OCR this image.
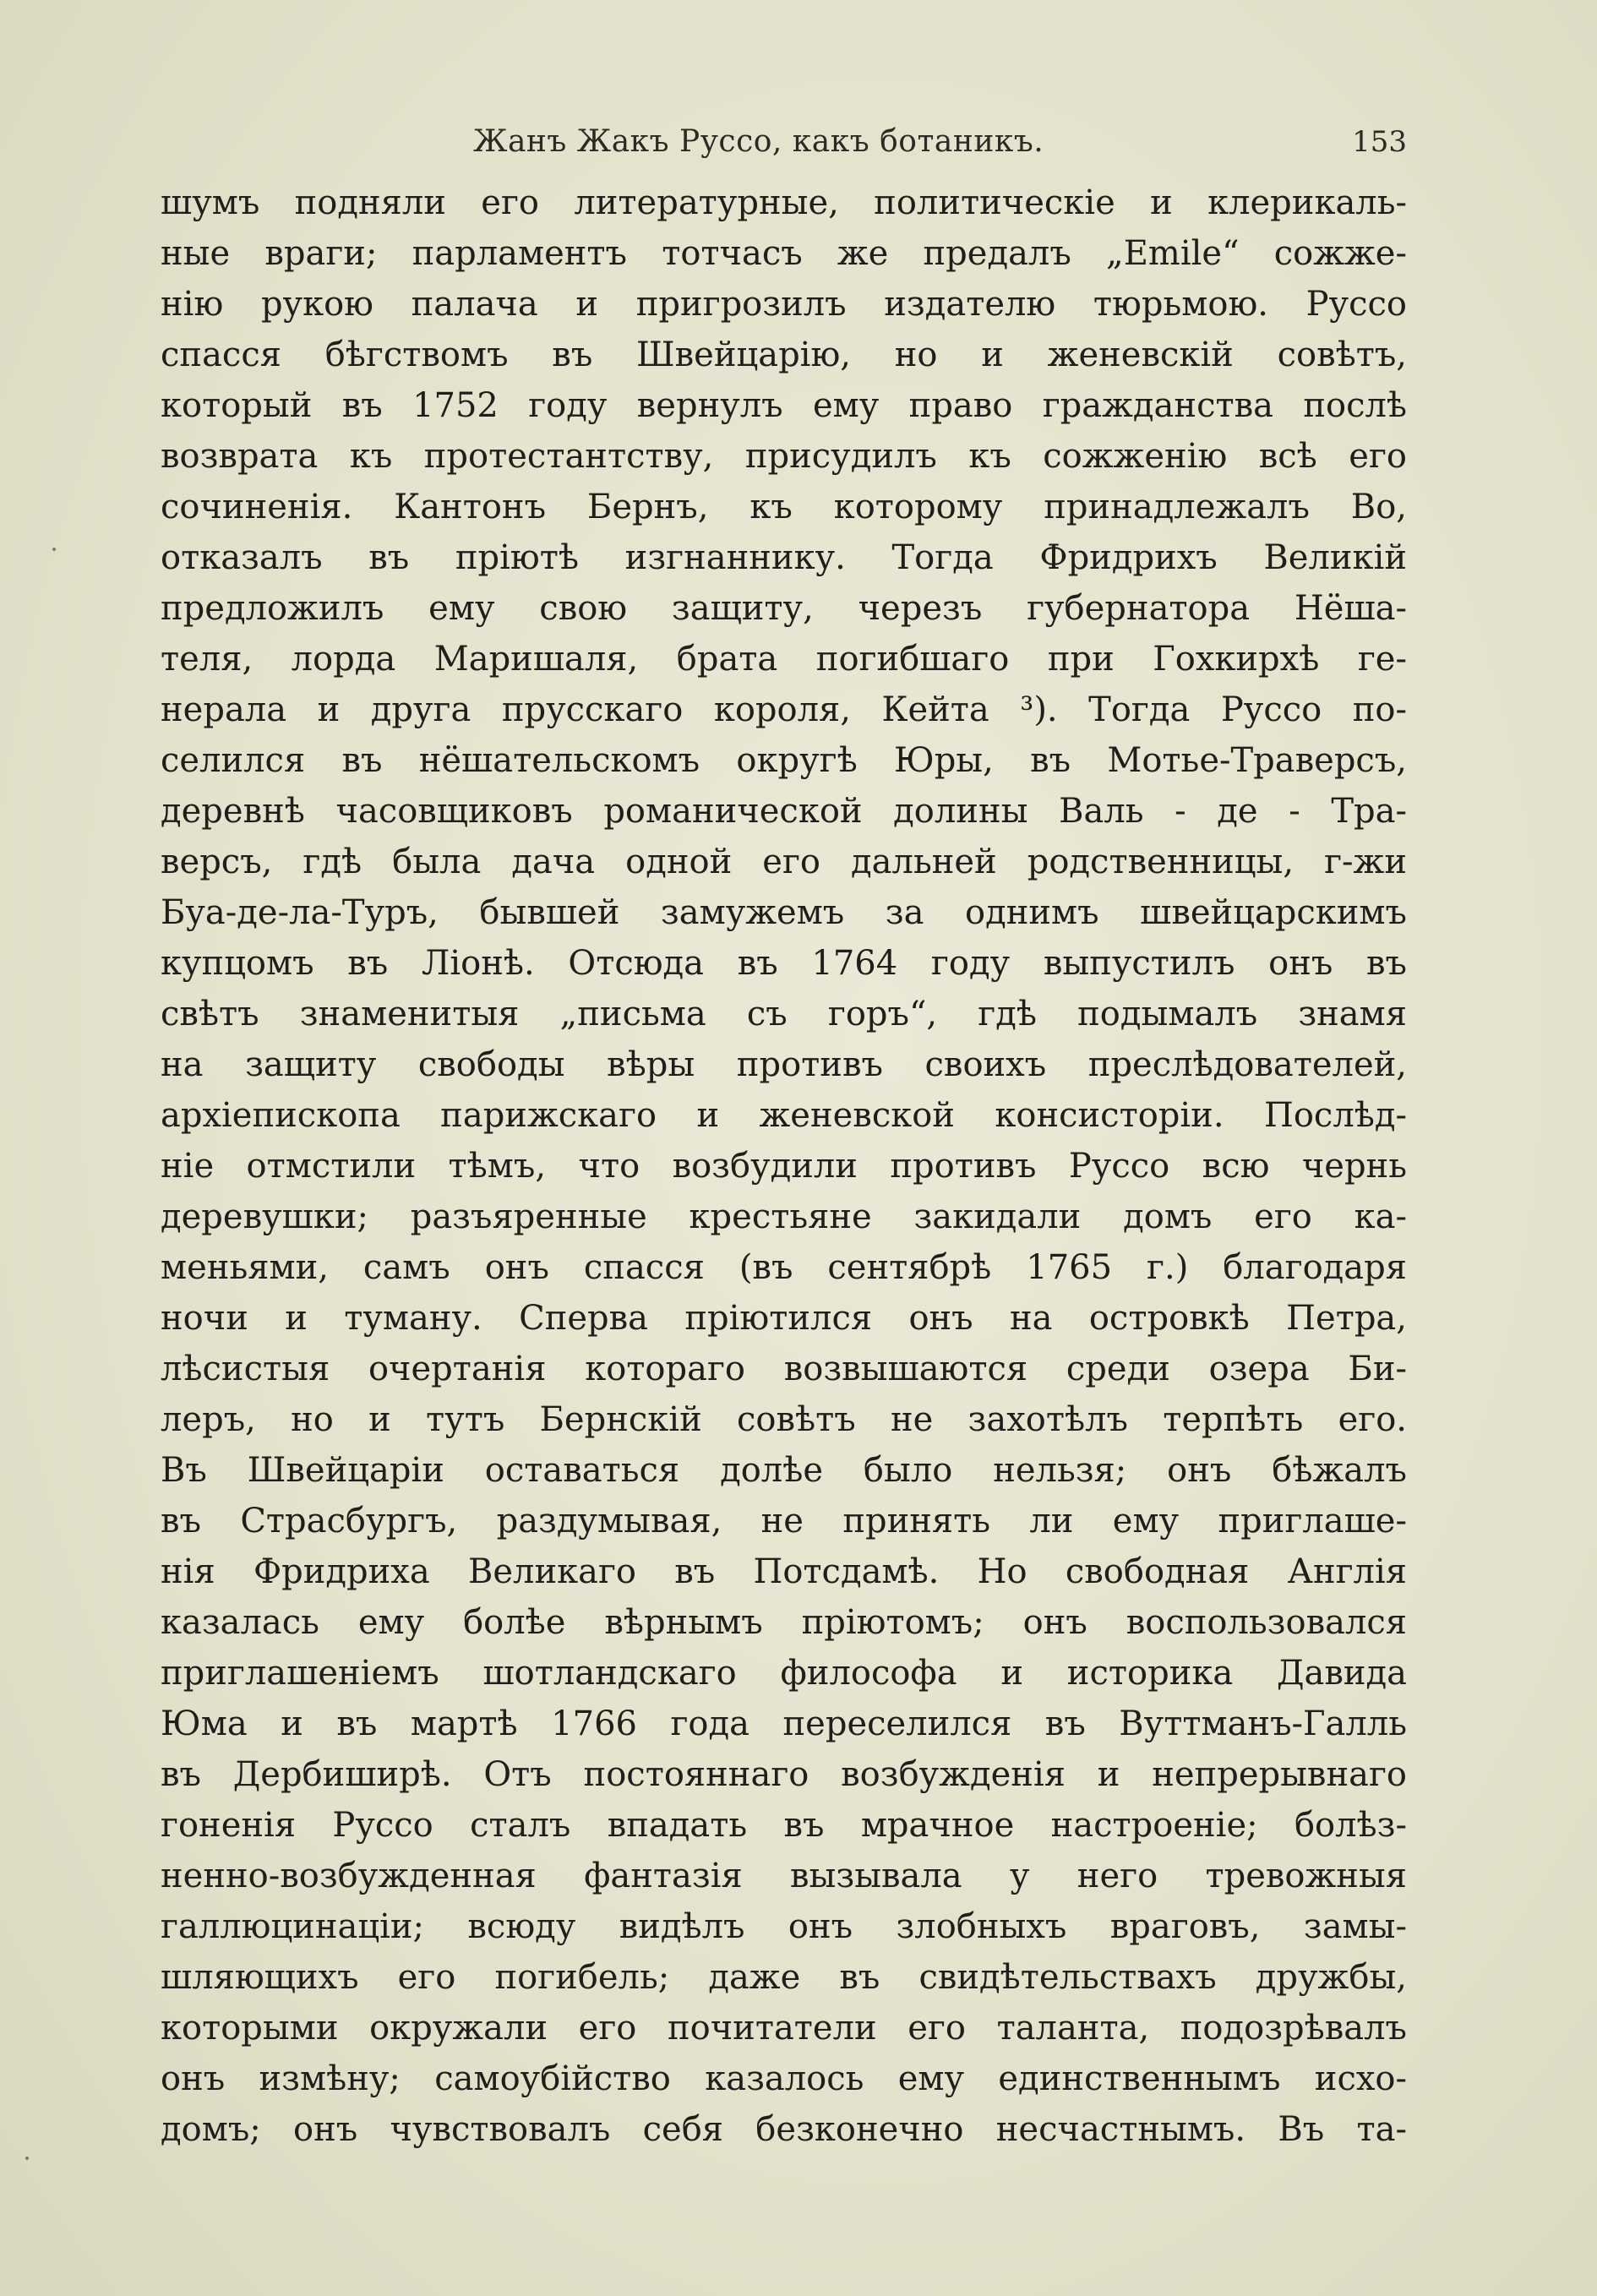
Жанъ Жакъ Руссо, какъ ботаникъ.	153
шумъ подняли его литературные, политическіе и клерикаль-
ные враги; парламентъ тотчасъ же предалъ „Emile“ сожже-
нію рукою палача и пригрозилъ издателю тюрьмою. Руссо
спасся бѣгствомъ въ Швейцарію, но и женевскій совѣтъ,
который въ 1752 году вернулъ ему право гражданства послѣ
возврата къ протестантству, присудилъ къ сожженію всѣ его
сочиненія. Кантонъ Бернъ, къ которому принадлежалъ Во,
отказалъ въ пріютѣ изгнаннику. Тогда Фридрихъ Великій
предложилъ ему свою защиту, черезъ губернатора Нёша-
теля, лорда Маришаля, брата погибшаго при Гохкирхѣ ге-
нерала и друга прусскаго короля, Кейта ³). Тогда Руссо по-
селился въ нёшательскомъ округѣ Юры, въ Мотье-Траверсъ,
деревнѣ часовщиковъ романической долины Валь - де - Тра-
версъ, гдѣ была дача одной его дальней родственницы, г-жи
Буа-де-ла-Туръ, бывшей замужемъ за однимъ швейцарскимъ
купцомъ въ Ліонѣ. Отсюда въ 1764 году выпустилъ онъ въ
свѣтъ знаменитыя „письма съ горъ“, гдѣ подымалъ знамя
на защиту свободы вѣры противъ своихъ преслѣдователей,
архіепископа парижскаго и женевской консисторіи. Послѣд-
ніе отмстили тѣмъ, что возбудили противъ Руссо всю чернь
деревушки; разъяренные крестьяне закидали домъ его ка-
меньями, самъ онъ спасся (въ сентябрѣ 1765 г.) благодаря
ночи и туману. Сперва пріютился онъ на островкѣ Петра,
лѣсистыя очертанія котораго возвышаются среди озера Би-
леръ, но и тутъ Бернскій совѣтъ не захотѣлъ терпѣть его.
Въ Швейцаріи оставаться долѣе было нельзя; онъ бѣжалъ
въ Страсбургъ, раздумывая, не принять ли ему приглаше-
нія Фридриха Великаго въ Потсдамѣ. Но свободная Англія
казалась ему болѣе вѣрнымъ пріютомъ; онъ воспользовался
приглашеніемъ шотландскаго философа и историка Давида
Юма и въ мартѣ 1766 года переселился въ Вуттманъ-Галль
въ Дербиширѣ. Отъ постояннаго возбужденія и непрерывнаго
гоненія Руссо сталъ впадать въ мрачное настроеніе; болѣз-
ненно-возбужденная фантазія вызывала у него тревожныя
галлюцинаціи; всюду видѣлъ онъ злобныхъ враговъ, замы-
шляющихъ его погибель; даже въ свидѣтельствахъ дружбы,
которыми окружали его почитатели его таланта, подозрѣвалъ
онъ измѣну; самоубійство казалось ему единственнымъ исхо-
домъ; онъ чувствовалъ себя безконечно несчастнымъ. Въ та-
